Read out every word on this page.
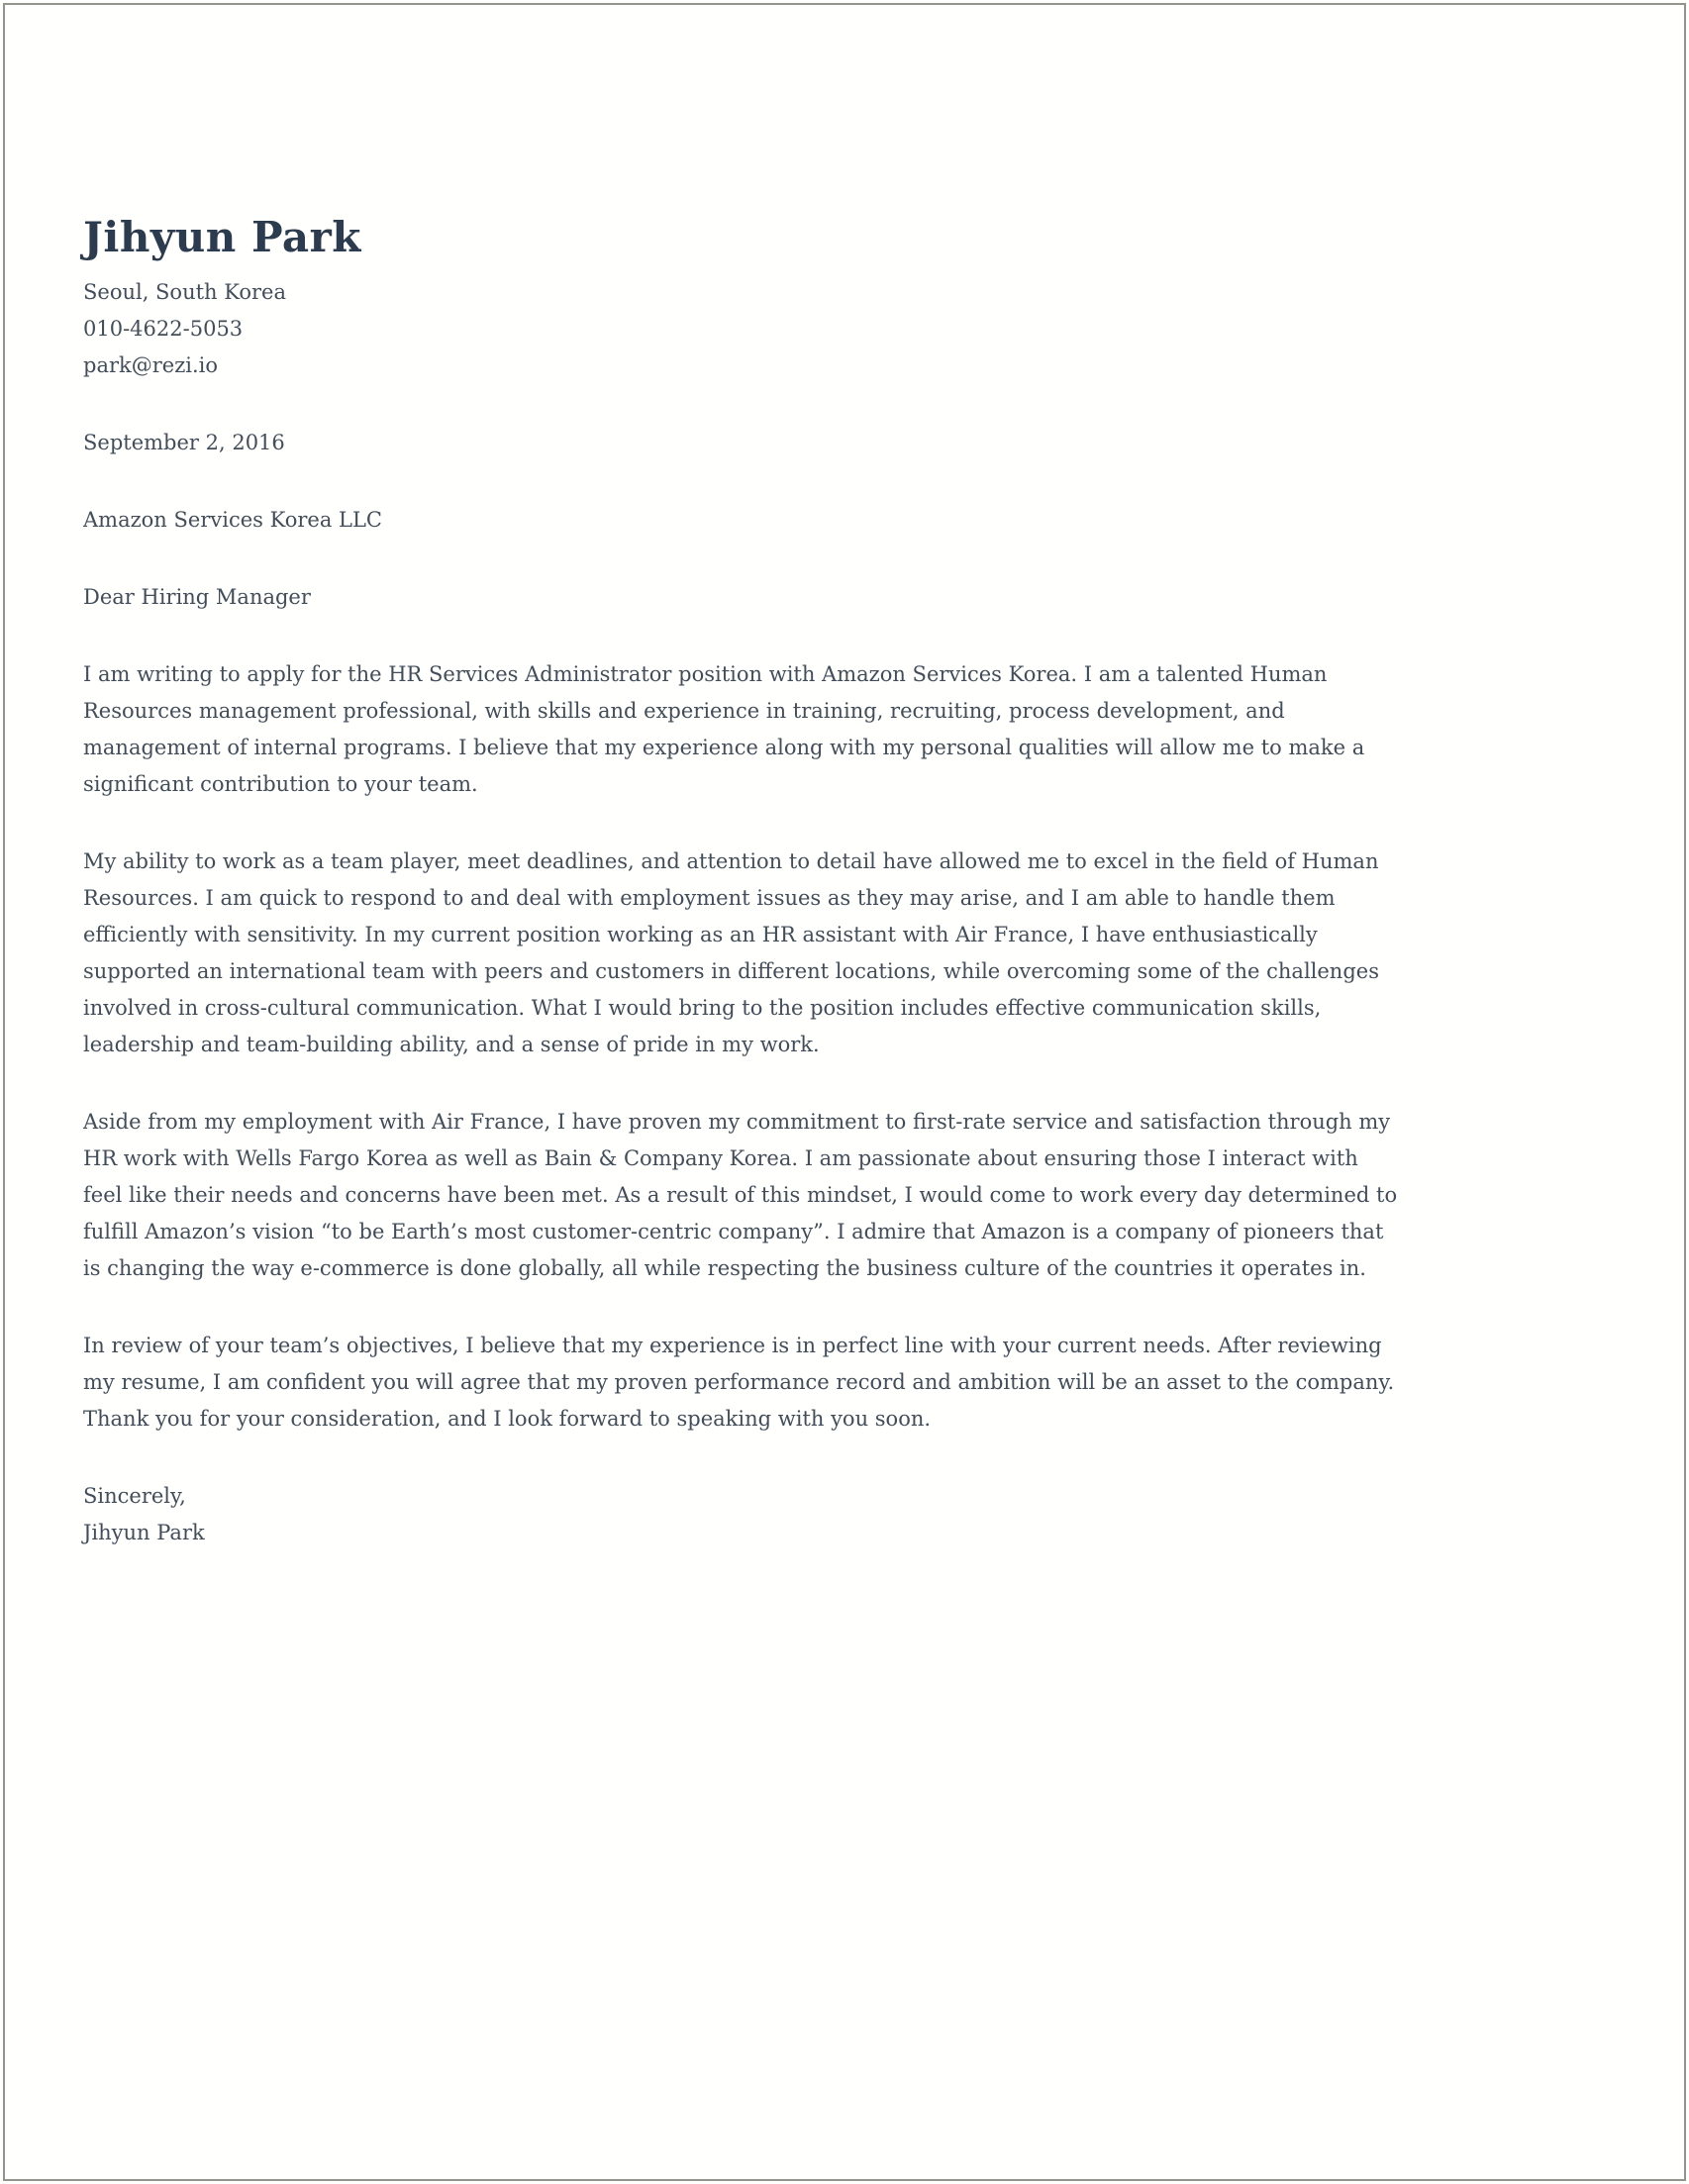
Jihyun Park
Seoul, South Korea
010-4622-5053
park@rezi.io
September 2, 2016
Amazon Services Korea LLC
Dear Hiring Manager

I am writing to apply for the HR Services Administrator position with Amazon Services Korea. I am a talented Human Resources management professional, with skills and experience in training, recruiting, process development, and management of internal programs. I believe that my experience along with my personal qualities will allow me to make a significant contribution to your team.

My ability to work as a team player, meet deadlines, and attention to detail have allowed me to excel in the field of Human Resources. I am quick to respond to and deal with employment issues as they may arise, and I am able to handle them efficiently with sensitivity. In my current position working as an HR assistant with Air France, I have enthusiastically supported an international team with peers and customers in different locations, while overcoming some of the challenges involved in cross-cultural communication. What I would bring to the position includes effective communication skills, leadership and team-building ability, and a sense of pride in my work.

Aside from my employment with Air France, I have proven my commitment to first-rate service and satisfaction through my HR work with Wells Fargo Korea as well as Bain & Company Korea. I am passionate about ensuring those I interact with feel like their needs and concerns have been met. As a result of this mindset, I would come to work every day determined to fulfill Amazon’s vision “to be Earth’s most customer-centric company”. I admire that Amazon is a company of pioneers that is changing the way e-commerce is done globally, all while respecting the business culture of the countries it operates in.

In review of your team’s objectives, I believe that my experience is in perfect line with your current needs. After reviewing my resume, I am confident you will agree that my proven performance record and ambition will be an asset to the company. Thank you for your consideration, and I look forward to speaking with you soon.

Sincerely,
Jihyun Park
